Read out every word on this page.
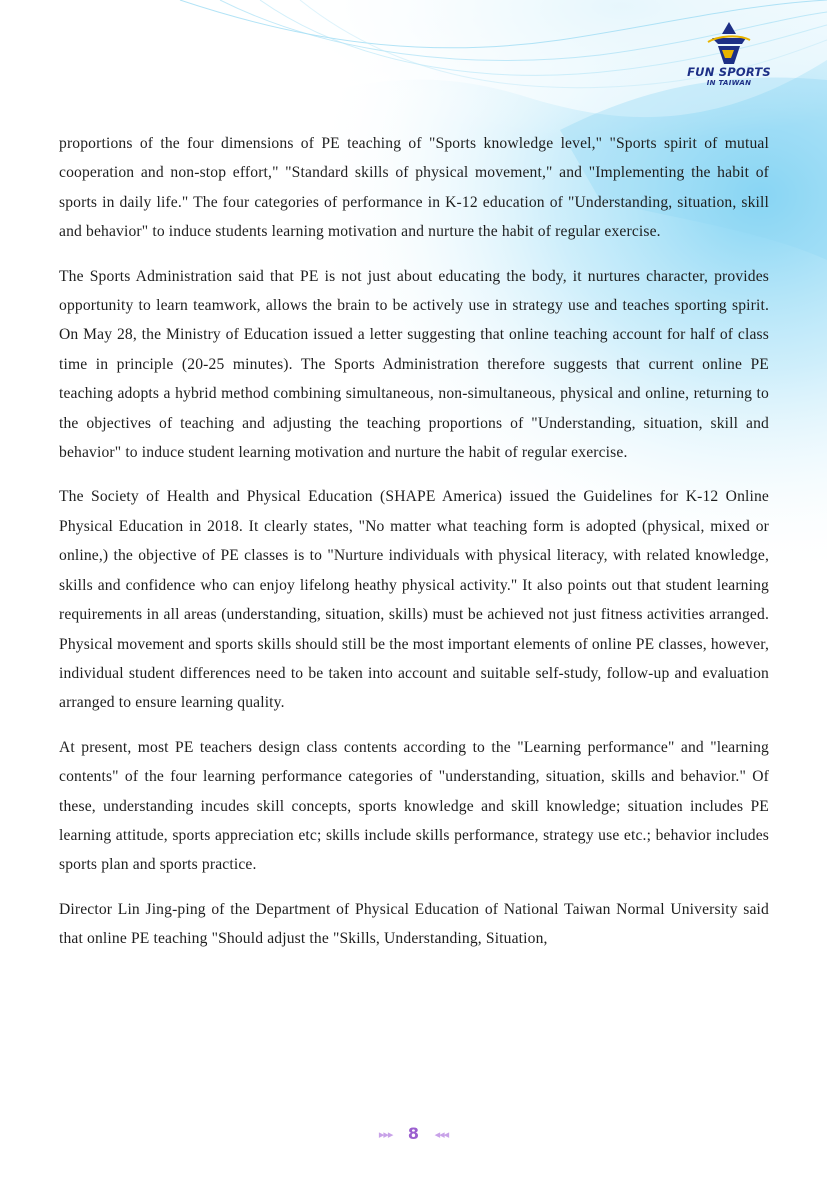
FUN SPORTS
IN TAIWAN

proportions of the four dimensions of PE teaching of "Sports knowledge level," "Sports spirit of mutual cooperation and non-stop effort," "Standard skills of physical movement," and "Implementing the habit of sports in daily life." The four categories of performance in K-12 education of "Understanding, situation, skill and behavior" to induce students learning motivation and nurture the habit of regular exercise.

The Sports Administration said that PE is not just about educating the body, it nurtures character, provides opportunity to learn teamwork, allows the brain to be actively use in strategy use and teaches sporting spirit. On May 28, the Ministry of Education issued a letter suggesting that online teaching account for half of class time in principle (20-25 minutes). The Sports Administration therefore suggests that current online PE teaching adopts a hybrid method combining simultaneous, non-simultaneous, physical and online, returning to the objectives of teaching and adjusting the teaching proportions of "Understanding, situation, skill and behavior" to induce student learning motivation and nurture the habit of regular exercise.

The Society of Health and Physical Education (SHAPE America) issued the Guidelines for K-12 Online Physical Education in 2018. It clearly states, "No matter what teaching form is adopted (physical, mixed or online,) the objective of PE classes is to "Nurture individuals with physical literacy, with related knowledge, skills and confidence who can enjoy lifelong heathy physical activity." It also points out that student learning requirements in all areas (understanding, situation, skills) must be achieved not just fitness activities arranged. Physical movement and sports skills should still be the most important elements of online PE classes, however, individual student differences need to be taken into account and suitable self-study, follow-up and evaluation arranged to ensure learning quality.

At present, most PE teachers design class contents according to the "Learning performance" and "learning contents" of the four learning performance categories of "understanding, situation, skills and behavior." Of these, understanding incudes skill concepts, sports knowledge and skill knowledge; situation includes PE learning attitude, sports appreciation etc; skills include skills performance, strategy use etc.; behavior includes sports plan and sports practice.

Director Lin Jing-ping of the Department of Physical Education of National Taiwan Normal University said that online PE teaching "Should adjust the "Skills, Understanding, Situation,

▸▸▸ 8 ◂◂◂
